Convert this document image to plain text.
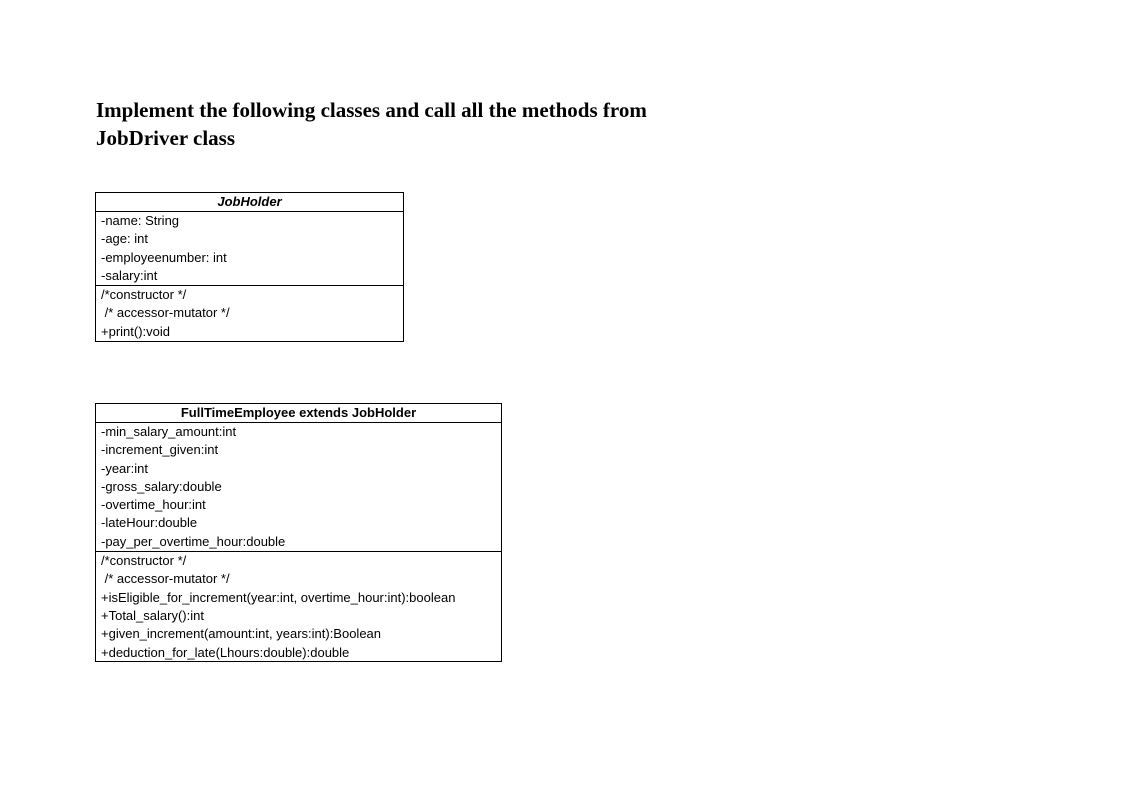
Implement the following classes and call all the methods from
JobDriver class
JobHolder
-name: String
-age: int
-employeenumber: int
-salary:int
/*constructor */
/* accessor-mutator */
+print():void
FullTimeEmployee extends JobHolder
-min_salary_amount:int
-increment_given:int
-year:int
-gross_salary:double
-overtime_hour:int
-lateHour:double
-pay_per_overtime_hour:double
/*constructor */
/* accessor-mutator */
+isEligible_for_increment(year:int, overtime_hour:int):boolean
+Total_salary():int
+given_increment(amount:int, years:int):Boolean
+deduction_for_late(Lhours:double):double
